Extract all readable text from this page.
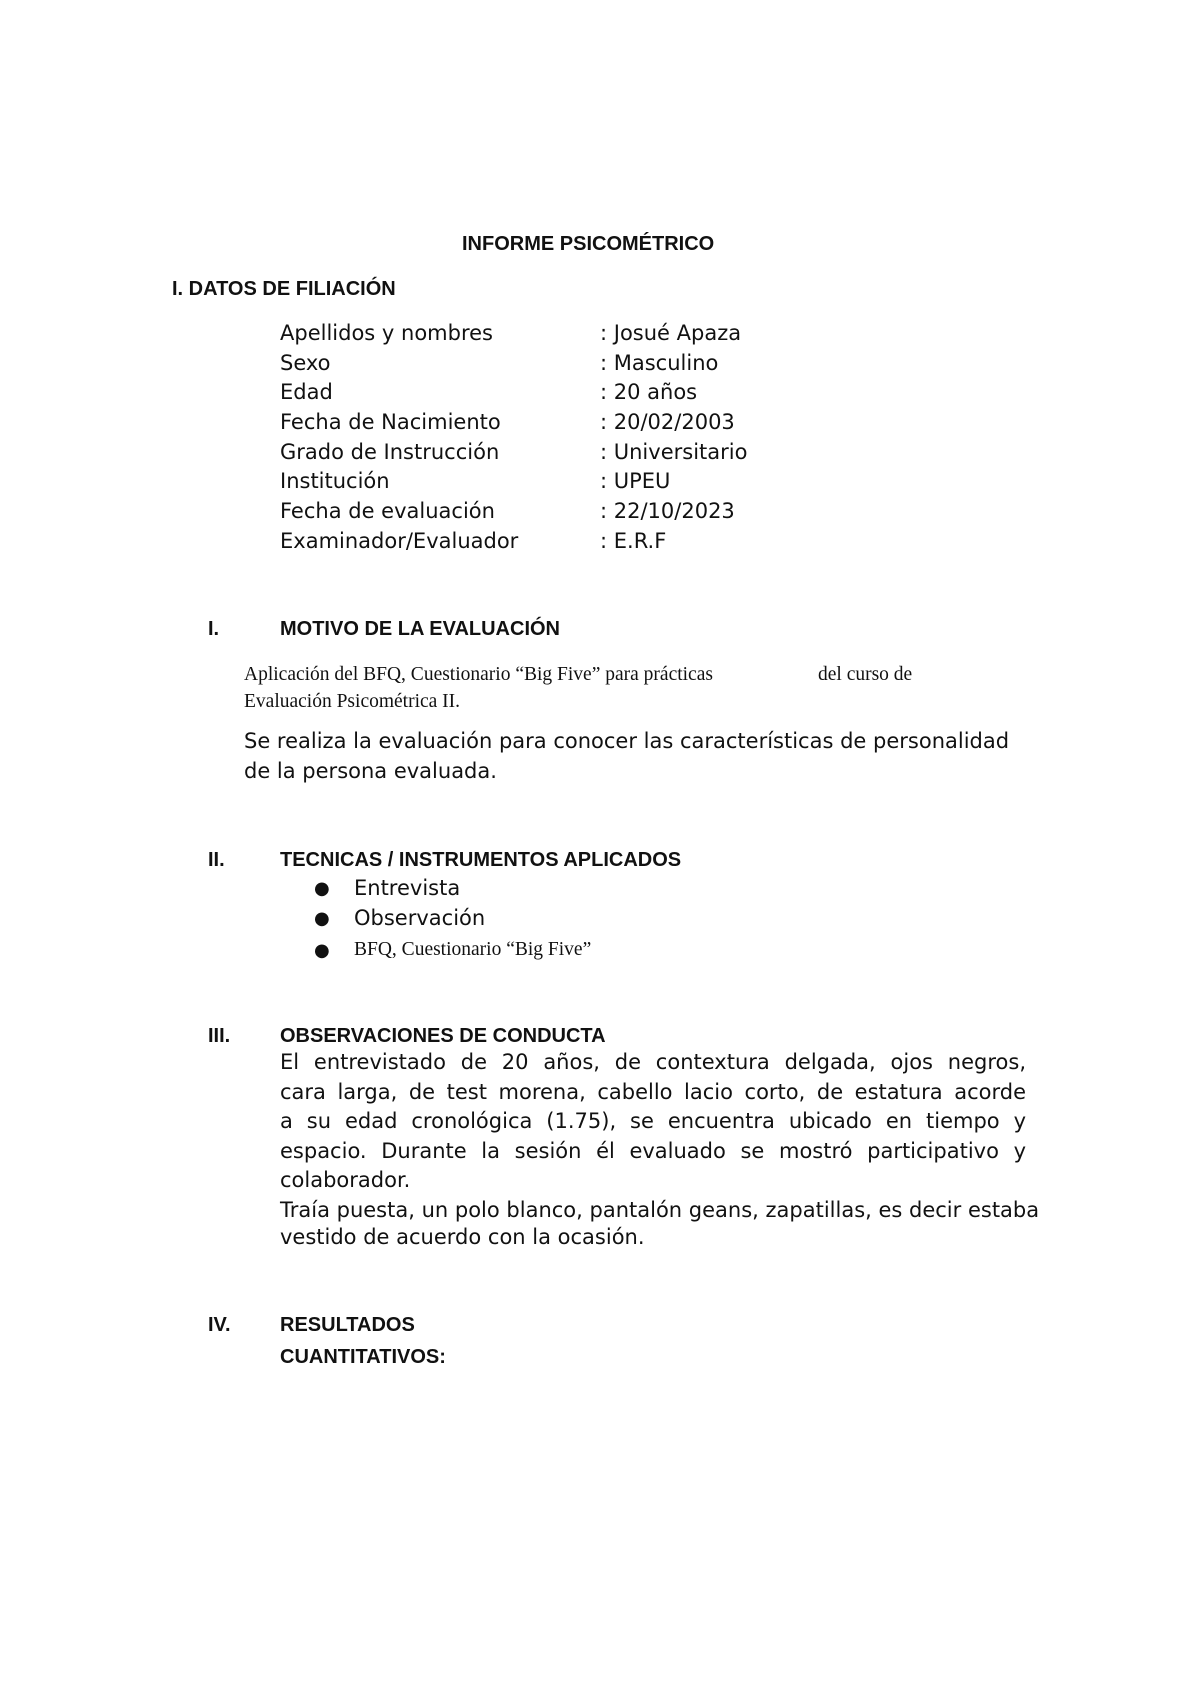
INFORME PSICOMÉTRICO
I. DATOS DE FILIACIÓN
Apellidos y nombres	: Josué Apaza
Sexo	: Masculino
Edad	: 20 años
Fecha de Nacimiento	: 20/02/2003
Grado de Instrucción	: Universitario
Institución	: UPEU
Fecha de evaluación	: 22/10/2023
Examinador/Evaluador	: E.R.F
I.	MOTIVO DE LA EVALUACIÓN
Aplicación del BFQ, Cuestionario “Big Five” para prácticas	del curso de
Evaluación Psicométrica II.
Se realiza la evaluación para conocer las características de personalidad
de la persona evaluada.
II.	TECNICAS / INSTRUMENTOS APLICADOS
●	Entrevista
●	Observación
●	BFQ, Cuestionario “Big Five”
III. OBSERVACIONES DE CONDUCTA
El entrevistado de 20 años, de contextura delgada, ojos negros,
cara larga, de test morena, cabello lacio corto, de estatura acorde
a su edad cronológica (1.75), se encuentra ubicado en tiempo y
espacio. Durante la sesión él evaluado se mostró participativo y
colaborador.
Traía puesta, un polo blanco, pantalón geans, zapatillas, es decir estaba
vestido de acuerdo con la ocasión.
IV. RESULTADOS
CUANTITATIVOS:
